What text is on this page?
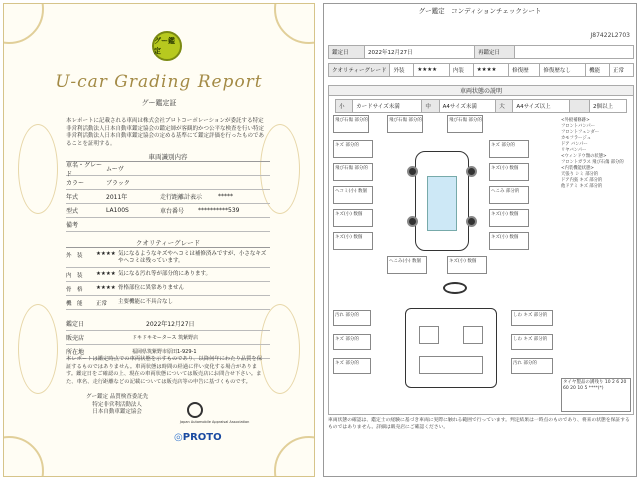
グー鑑定
U-car Grading Report
グー鑑定証
本レポートに記載される車両は株式会社プロトコーポレーションが委託する特定非営利活動法人日本自動車鑑定協会の鑑定師が客観的かつ公平な検査を行い特定非営利活動法人日本自動車鑑定協会の定める基準にて鑑定評価を行ったものであることを証明する。
車両識別内容
車名・グレード
ムーヴ
カラー	ブラック
年式	2011年	走行距離計表示	*****
型式	LA100S	車台番号	**********539
備考
クオリティーグレード
外　装	★★★★ 気になるようなキズやヘコミは補修済みですが、小さなキズやヘコミは残っています。
内　装	★★★★ 気になる汚れ等が部分的にあります。
骨　格	★★★★ 骨格部位に異常ありません
機　能	正常	主要機能に不具合なし
鑑定日	2022年12月27日
販売店	ドキドキモータース 筑紫野店
所在地	福岡県筑紫野市原田1-929-1
本レポートは鑑定時点での車両状態を示すものであり、以降何年にわたり品質を保証するものではありません。車両状態は時間の経過に伴い変化する場合があります。鑑定日をご確認の上、現在の車両状態については販売店にお問合せ下さい。また、車名、走行距離などの記載については販売店等の申告に基づくものです。
グー鑑定 品質検査委託先
特定非営利活動法人
日本自動車鑑定協会
Japan Automobile Appraisal Association
◎PROTO
グー鑑定　コンディションチェックシート
J87422L2703
鑑定日	2022年12月27日	再鑑定日	
クオリティーグレード	外装	★★★★	内装	★★★★	修復歴	修復歴なし	機能	正常
車両状態の説明
小	カードサイズ未満	中	A4サイズ未満	大	A4サイズ以上		2個以上
<外板補修跡>
フロントバンパー
フロントフェンダー
カモフラージュ
ドア バンパー
リヤバンパー
<ウィンドウ類の状態>
フロントガラス 飛び石傷 部分的
<内装機能状態>
天張り シミ 部分的
ドア内張 キズ 部分的
他ドアミ キズ 部分的
飛び石傷 部分的	飛び石傷 部分的	飛び石傷 部分的
キズ 部分的	キズ 部分的
飛び石傷 部分的	キズ(小) 数個
ヘコミ(小) 数個	へこみ 部分的
キズ(小) 数個	キズ(小) 数個
キズ(小) 数個	キズ(小) 数個
へこみ(小) 数個	キズ(小) 数個
汚れ 部分的	しわ キズ 部分的
キズ 部分的	しわ キズ 部分的
キズ 部分的	汚れ 部分的
タイヤ製品の溝残り 10 2 6 20 60 20 10 5 ****(*)
車両状態の確認は、鑑定士の経験に基づき車両に実際に触れる範囲で行っています。判定結果は一時点のものであり、将来の状態を保証するものではありません。詳細は販売店にご確認ください。
